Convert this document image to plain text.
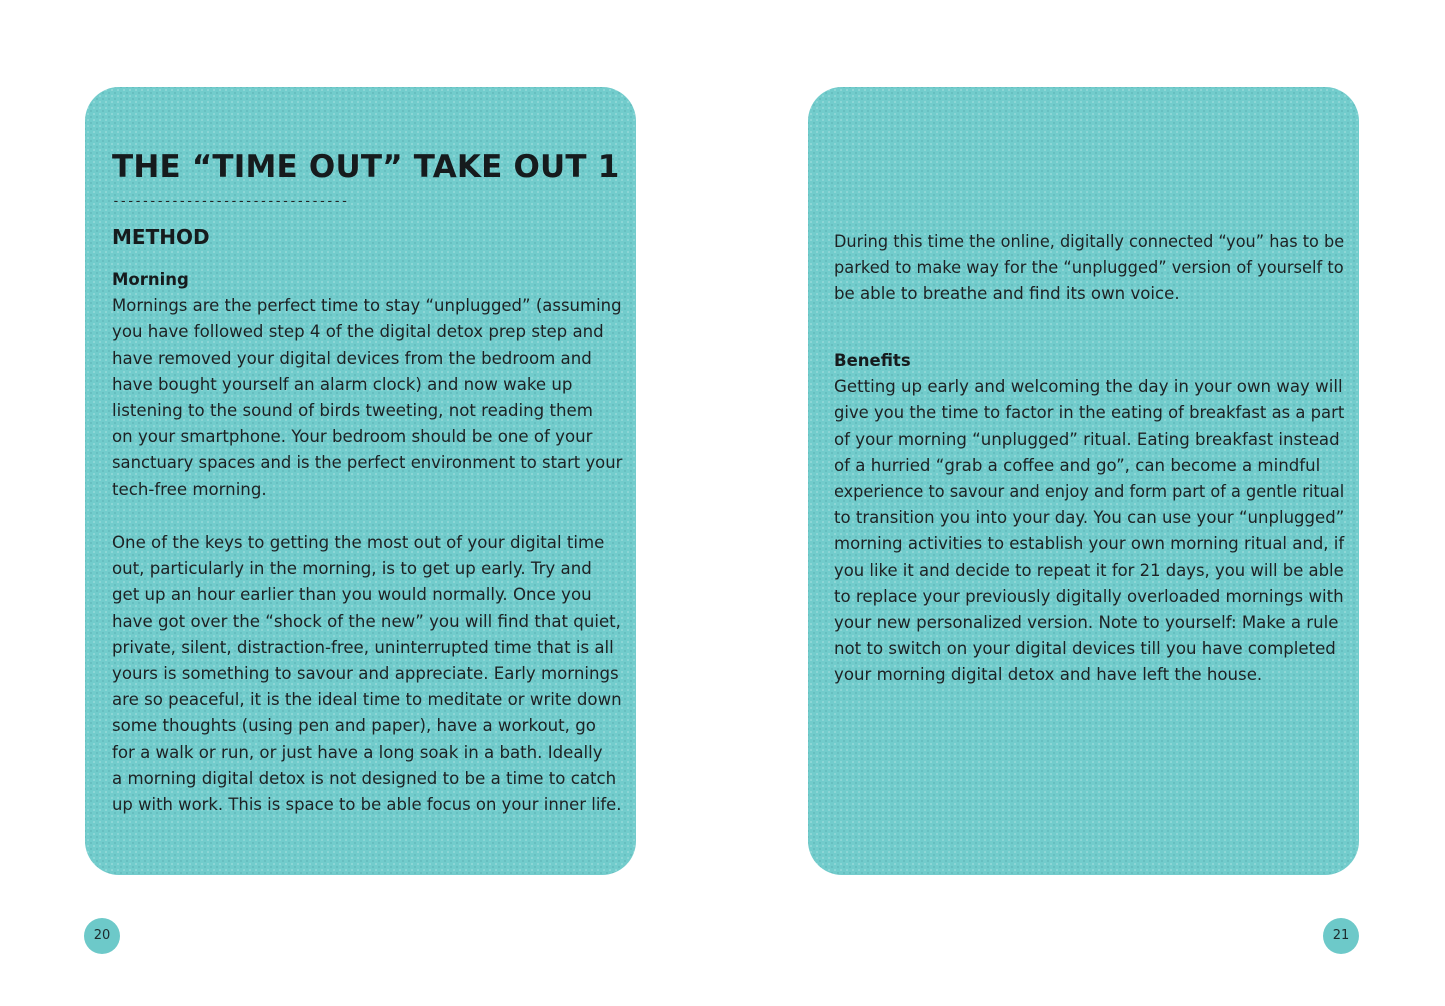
THE “TIME OUT” TAKE OUT 1
--------------------------------
METHOD
Morning

Mornings are the perfect time to stay “unplugged” (assuming
you have followed step 4 of the digital detox prep step and
have removed your digital devices from the bedroom and
have bought yourself an alarm clock) and now wake up
listening to the sound of birds tweeting, not reading them
on your smartphone. Your bedroom should be one of your
sanctuary spaces and is the perfect environment to start your
tech-free morning.

One of the keys to getting the most out of your digital time
out, particularly in the morning, is to get up early. Try and
get up an hour earlier than you would normally. Once you
have got over the “shock of the new” you will find that quiet,
private, silent, distraction-free, uninterrupted time that is all
yours is something to savour and appreciate. Early mornings
are so peaceful, it is the ideal time to meditate or write down
some thoughts (using pen and paper), have a workout, go
for a walk or run, or just have a long soak in a bath. Ideally
a morning digital detox is not designed to be a time to catch
up with work. This is space to be able focus on your inner life.

During this time the online, digitally connected “you” has to be
parked to make way for the “unplugged” version of yourself to
be able to breathe and find its own voice.

Benefits

Getting up early and welcoming the day in your own way will
give you the time to factor in the eating of breakfast as a part
of your morning “unplugged” ritual. Eating breakfast instead
of a hurried “grab a coffee and go”, can become a mindful
experience to savour and enjoy and form part of a gentle ritual
to transition you into your day. You can use your “unplugged”
morning activities to establish your own morning ritual and, if
you like it and decide to repeat it for 21 days, you will be able
to replace your previously digitally overloaded mornings with
your new personalized version. Note to yourself: Make a rule
not to switch on your digital devices till you have completed
your morning digital detox and have left the house.

20	21
